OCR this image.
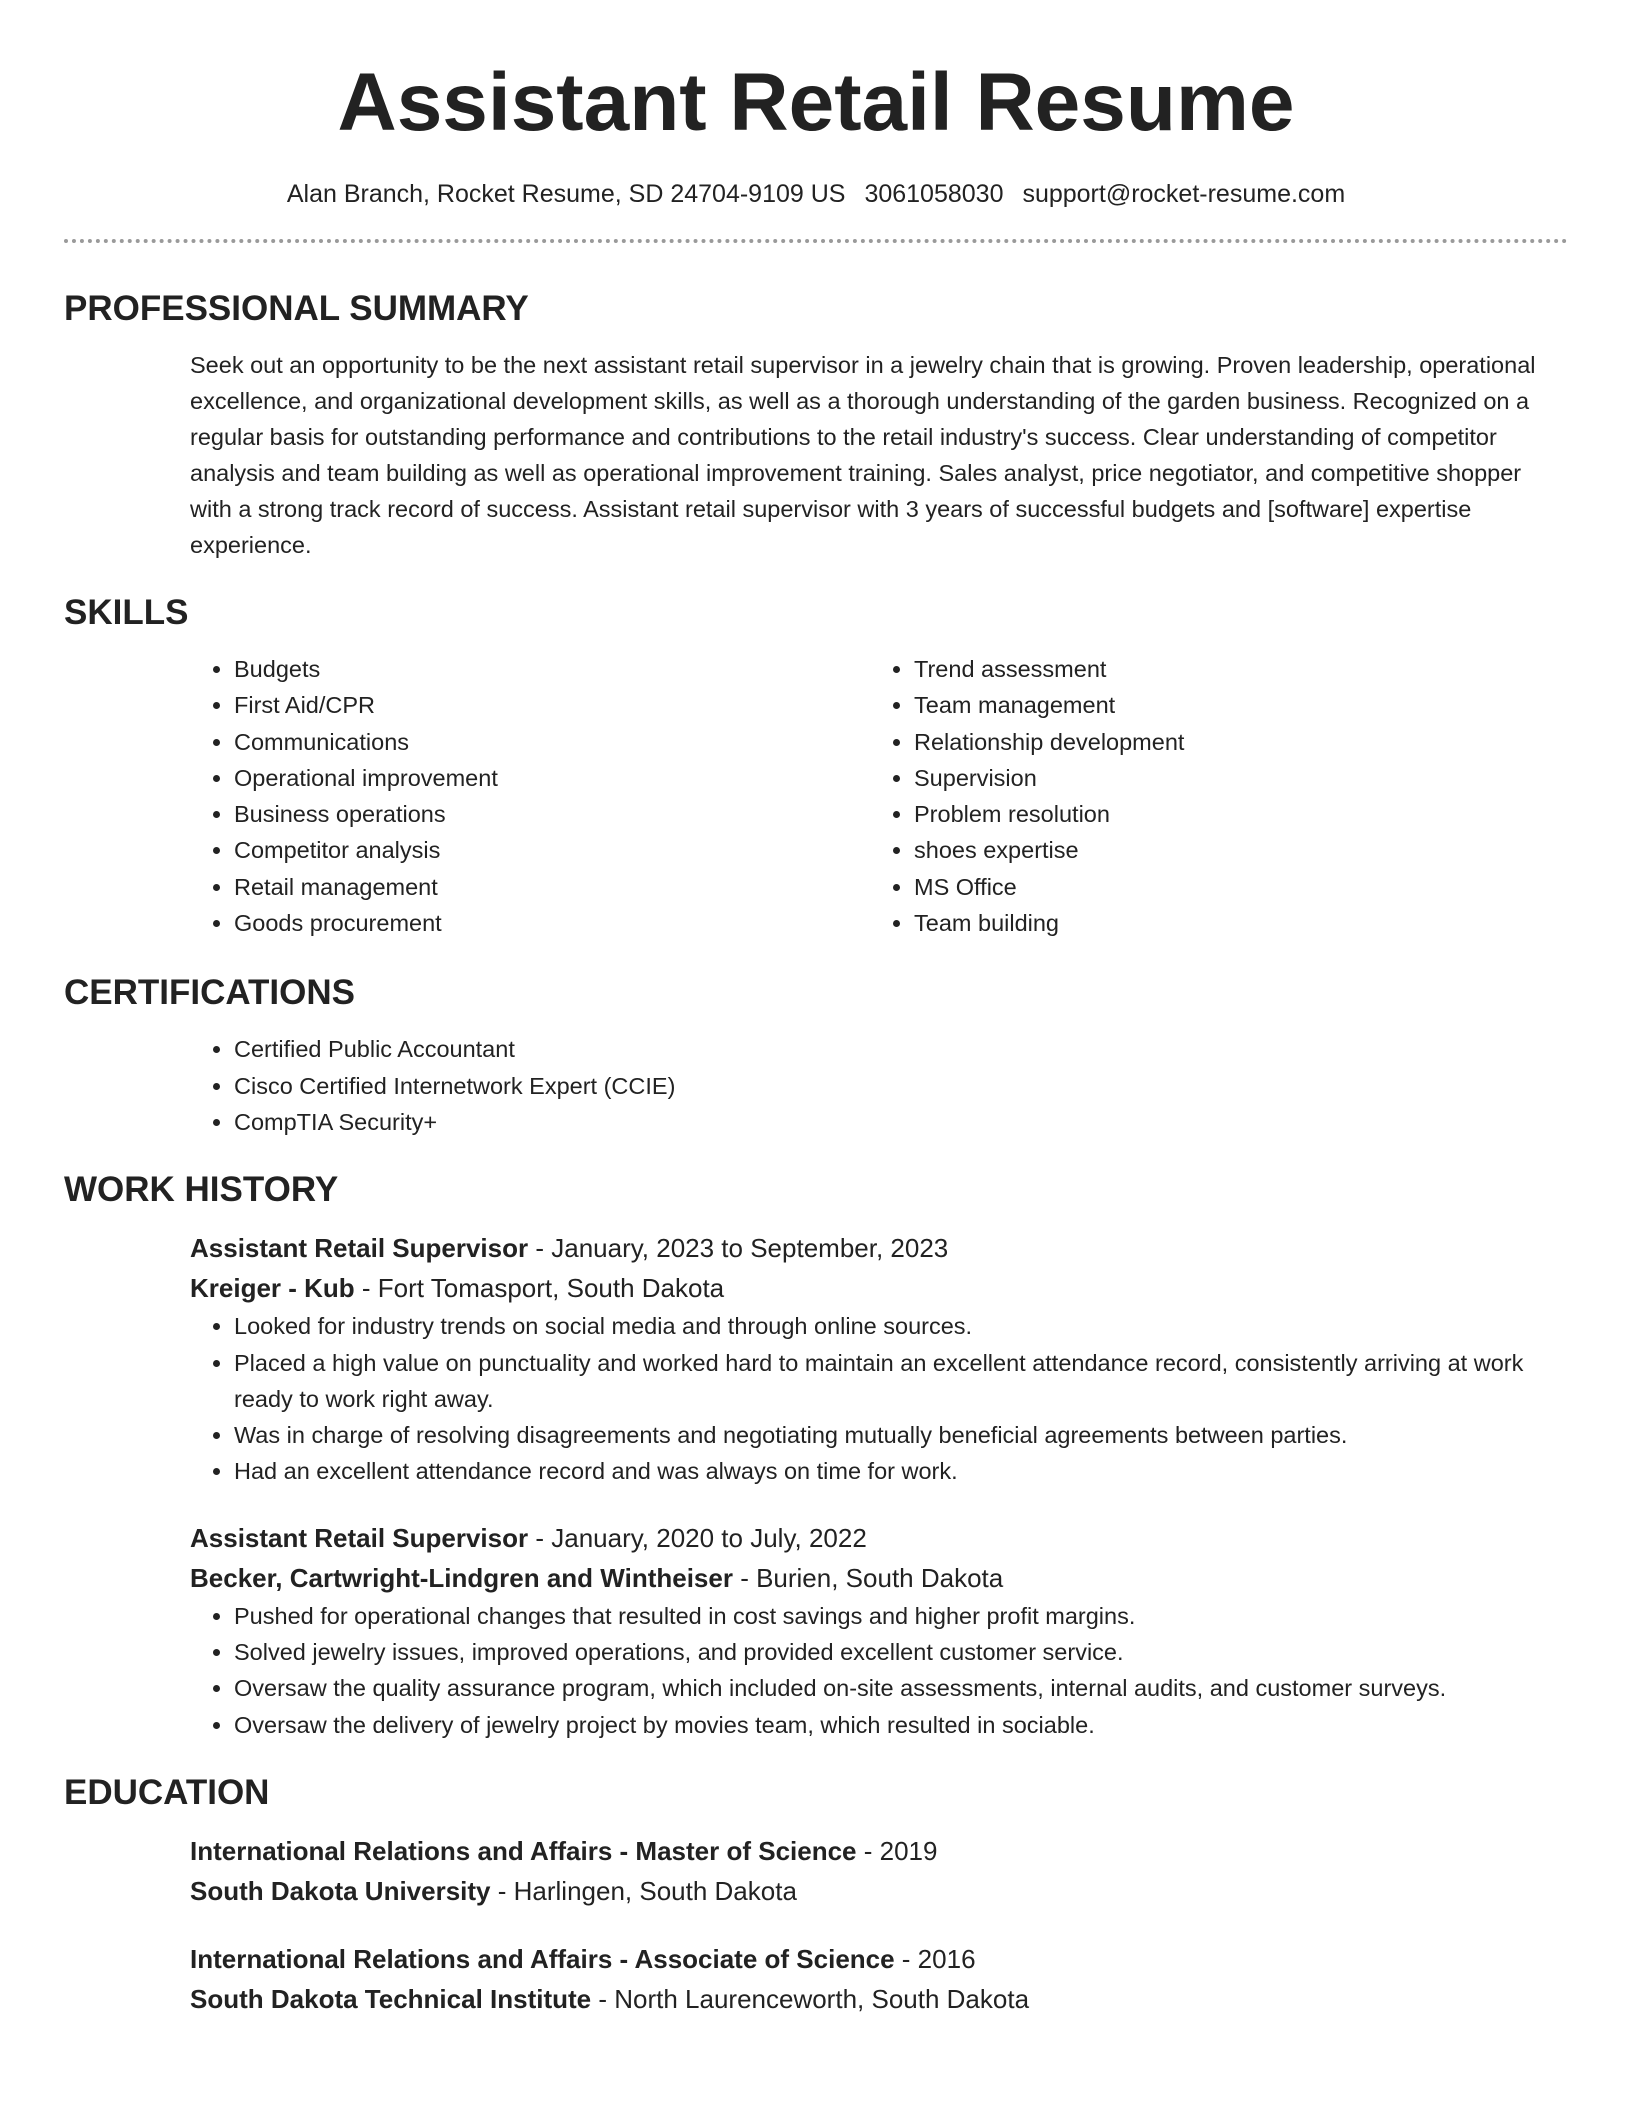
Assistant Retail Resume
Alan Branch, Rocket Resume, SD 24704-9109 US 3061058030 support@rocket-resume.com
PROFESSIONAL SUMMARY

Seek out an opportunity to be the next assistant retail supervisor in a jewelry chain that is growing. Proven leadership, operational excellence, and organizational development skills, as well as a thorough understanding of the garden business. Recognized on a regular basis for outstanding performance and contributions to the retail industry's success. Clear understanding of competitor analysis and team building as well as operational improvement training. Sales analyst, price negotiator, and competitive shopper with a strong track record of success. Assistant retail supervisor with 3 years of successful budgets and [software] expertise experience.

SKILLS
• Budgets
• First Aid/CPR
• Communications
• Operational improvement
• Business operations
• Competitor analysis
• Retail management
• Goods procurement
• Trend assessment
• Team management
• Relationship development
• Supervision
• Problem resolution
• shoes expertise
• MS Office
• Team building
CERTIFICATIONS
• Certified Public Accountant
• Cisco Certified Internetwork Expert (CCIE)
• CompTIA Security+
WORK HISTORY
Assistant Retail Supervisor - January, 2023 to September, 2023
Kreiger - Kub - Fort Tomasport, South Dakota
• Looked for industry trends on social media and through online sources.
• Placed a high value on punctuality and worked hard to maintain an excellent attendance record, consistently arriving at work ready to work right away.
• Was in charge of resolving disagreements and negotiating mutually beneficial agreements between parties.
• Had an excellent attendance record and was always on time for work.
Assistant Retail Supervisor - January, 2020 to July, 2022
Becker, Cartwright-Lindgren and Wintheiser - Burien, South Dakota
• Pushed for operational changes that resulted in cost savings and higher profit margins.
• Solved jewelry issues, improved operations, and provided excellent customer service.
• Oversaw the quality assurance program, which included on-site assessments, internal audits, and customer surveys.
• Oversaw the delivery of jewelry project by movies team, which resulted in sociable.
EDUCATION
International Relations and Affairs - Master of Science - 2019
South Dakota University - Harlingen, South Dakota
International Relations and Affairs - Associate of Science - 2016
South Dakota Technical Institute - North Laurenceworth, South Dakota
